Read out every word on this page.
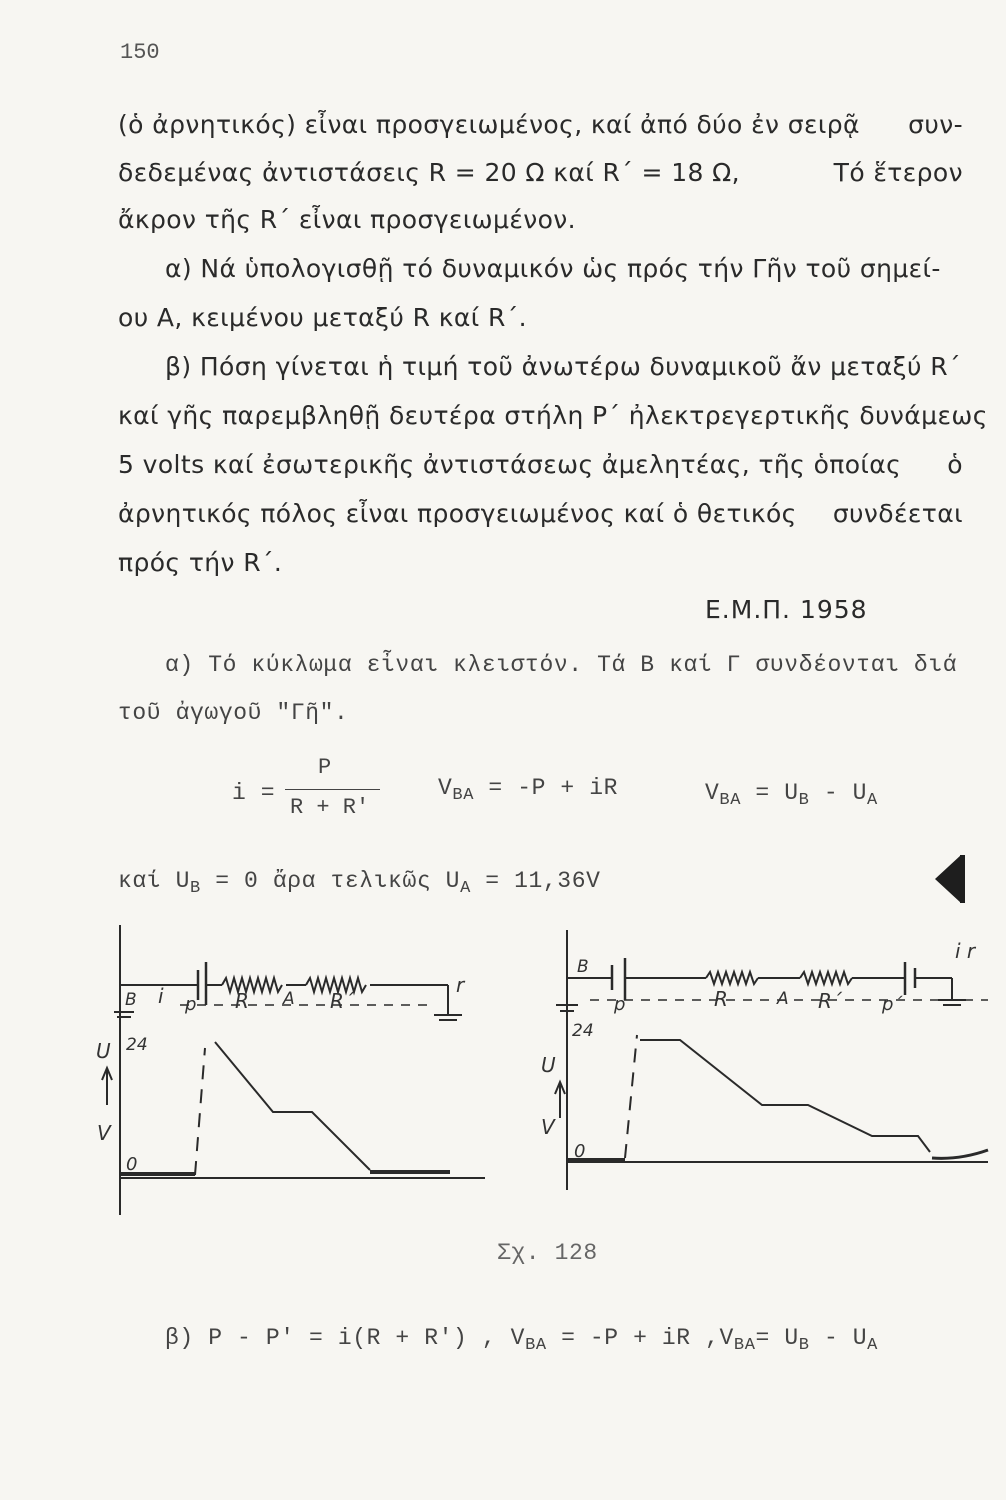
150
(ὁ ἀρνητικός) εἶναι προσγειωμένος, καί ἀπό δύο ἐν σειρᾷ συν-
δεδεμένας ἀντιστάσεις R = 20 Ω καί R΄ = 18 Ω,	Τό ἕτερον
ἄκρον τῆς R΄ εἶναι προσγειωμένον.
α) Νά ὑπολογισθῇ τό δυναμικόν ὡς πρός τήν Γῆν τοῦ σημεί-
ου Α, κειμένου μεταξύ R καί R΄.
β) Πόση γίνεται ἡ τιμή τοῦ ἀνωτέρω δυναμικοῦ ἄν μεταξύ R΄
καί γῆς παρεμβληθῇ δευτέρα στήλη P΄ ἠλεκτρεγερτικῆς δυνάμεως
5 volts καί ἐσωτερικῆς ἀντιστάσεως ἀμελητέας, τῆς ὁποίας ὁ
ἀρνητικός πόλος εἶναι προσγειωμένος καί ὁ θετικός συνδέεται
πρός τήν R΄.
Ε.Μ.Π. 1958
α) Τό κύκλωμα εἶναι κλειστόν. Τά Β καί Γ συνδέονται διά
τοῦ ἀγωγοῦ "Γῆ".
i =
P
R + R'
$V_{BA} = -P$ + iR	$V_{BA} = U_B - U_A$
καί $U_B = 0$ ἄρα τελικῶς $U_A = 11,36V$
B i p R A R΄
r
24
U
V
0
B
p	R	A R΄ p΄
i r
24
U
V
0
Σχ. 128
β) P - P' = i(R + R') , $V_{BA} = -P$ + iR $,V_{BA}= U_B - U_A$
